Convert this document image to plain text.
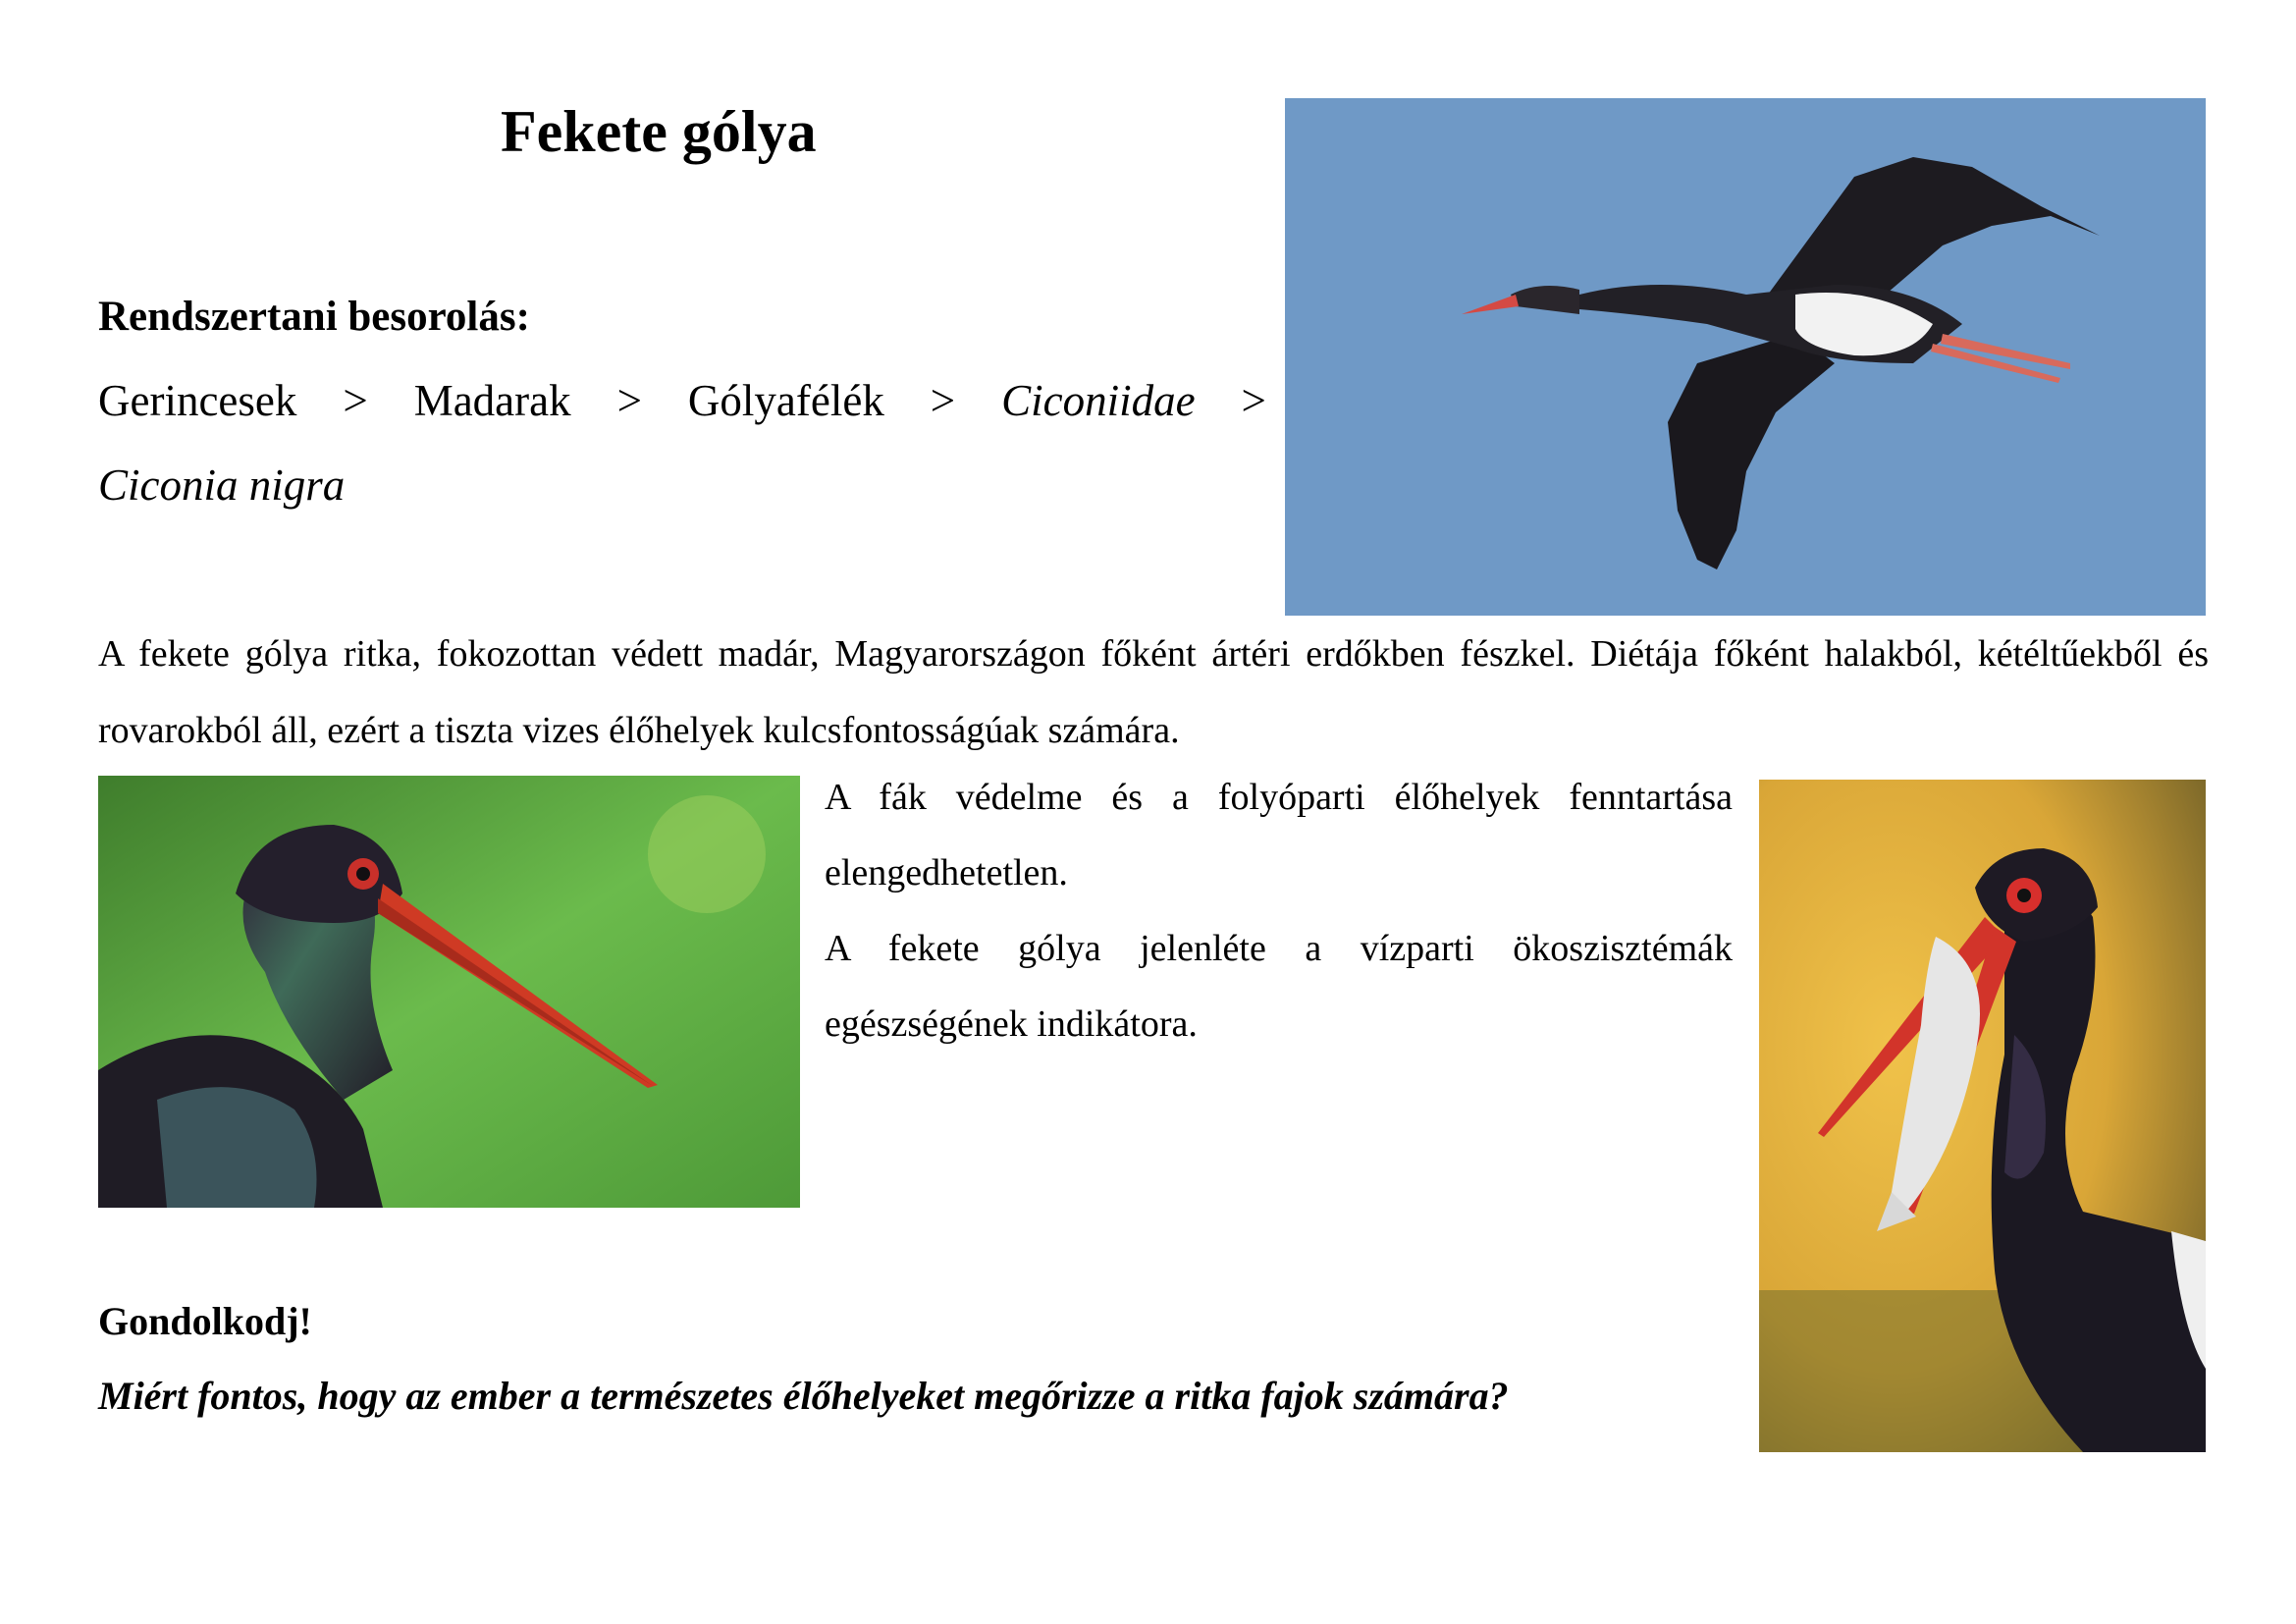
Fekete gólya
Rendszertani besorolás:
Gerincesek > Madarak > Gólyafélék > Ciconiidae >
Ciconia nigra
A fekete gólya ritka, fokozottan védett madár, Magyarországon főként ártéri erdőkben fészkel. Diétája főként halakból, kétéltűekből és rovarokból áll, ezért a tiszta vizes élőhelyek kulcsfontosságúak számára.

A fák védelme és a folyóparti élőhelyek fenntartása elengedhetetlen.

A fekete gólya jelenléte a vízparti ökoszisztémák egészségének indikátora.

Gondolkodj!
Miért fontos, hogy az ember a természetes élőhelyeket megőrizze a ritka fajok számára?
